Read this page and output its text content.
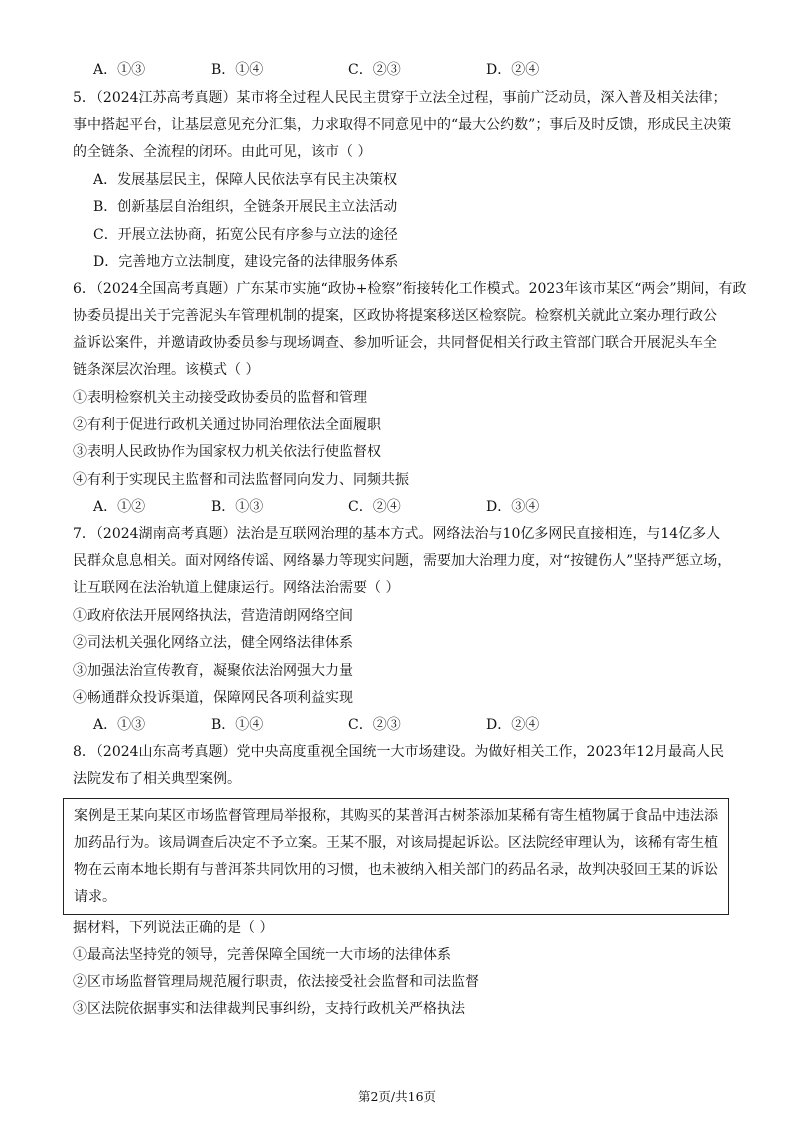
A．①③	B．①④	C．②③	D．②④
5．（2024江苏高考真题）某市将全过程人民民主贯穿于立法全过程，事前广泛动员，深入普及相关法律；
事中搭起平台，让基层意见充分汇集，力求取得不同意见中的“最大公约数”；事后及时反馈，形成民主决策
的全链条、全流程的闭环。由此可见，该市（ ）
A．发展基层民主，保障人民依法享有民主决策权
B．创新基层自治组织，全链条开展民主立法活动
C．开展立法协商，拓宽公民有序参与立法的途径
D．完善地方立法制度，建设完备的法律服务体系
6．（2024全国高考真题）广东某市实施“政协+检察”衔接转化工作模式。2023年该市某区“两会”期间，有政
协委员提出关于完善泥头车管理机制的提案，区政协将提案移送区检察院。检察机关就此立案办理行政公
益诉讼案件，并邀请政协委员参与现场调查、参加听证会，共同督促相关行政主管部门联合开展泥头车全
链条深层次治理。该模式（ ）
①表明检察机关主动接受政协委员的监督和管理
②有利于促进行政机关通过协同治理依法全面履职
③表明人民政协作为国家权力机关依法行使监督权
④有利于实现民主监督和司法监督同向发力、同频共振
A．①②	B．①③	C．②④	D．③④
7．（2024湖南高考真题）法治是互联网治理的基本方式。网络法治与10亿多网民直接相连，与14亿多人
民群众息息相关。面对网络传谣、网络暴力等现实问题，需要加大治理力度，对“按键伤人”坚持严惩立场，
让互联网在法治轨道上健康运行。网络法治需要（ ）
①政府依法开展网络执法，营造清朗网络空间
②司法机关强化网络立法，健全网络法律体系
③加强法治宣传教育，凝聚依法治网强大力量
④畅通群众投诉渠道，保障网民各项利益实现
A．①③	B．①④	C．②③	D．②④
8．（2024山东高考真题）党中央高度重视全国统一大市场建设。为做好相关工作，2023年12月最高人民
法院发布了相关典型案例。
案例是王某向某区市场监督管理局举报称，其购买的某普洱古树茶添加某稀有寄生植物属于食品中违法添
加药品行为。该局调查后决定不予立案。王某不服，对该局提起诉讼。区法院经审理认为，该稀有寄生植
物在云南本地长期有与普洱茶共同饮用的习惯，也未被纳入相关部门的药品名录，故判决驳回王某的诉讼
请求。
据材料，下列说法正确的是（ ）
①最高法坚持党的领导，完善保障全国统一大市场的法律体系
②区市场监督管理局规范履行职责，依法接受社会监督和司法监督
③区法院依据事实和法律裁判民事纠纷，支持行政机关严格执法
第2页/共16页
